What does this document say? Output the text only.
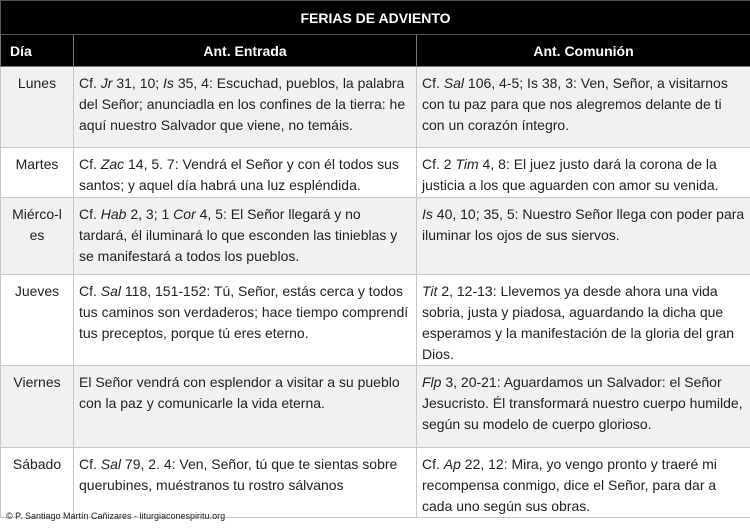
FERIAS DE ADVIENTO		
Día	Ant. Entrada	Ant. Comunión
Lunes	Cf. Jr 31, 10; Is 35, 4: Escuchad, pueblos, la palabra del Señor; anunciadla en los confines de la tierra: he aquí nuestro Salvador que viene, no temáis.	Cf. Sal 106, 4-5; Is 38, 3: Ven, Señor, a visitarnos con tu paz para que nos alegremos delante de ti con un corazón íntegro.
Martes	Cf. Zac 14, 5. 7: Vendrá el Señor y con él todos sus santos; y aquel día habrá una luz espléndida.	Cf. 2 Tim 4, 8: El juez justo dará la corona de la justicia a los que aguarden con amor su venida.
Miérco-les	Cf. Hab 2, 3; 1 Cor 4, 5: El Señor llegará y no tardará, él iluminará lo que esconden las tinieblas y se manifestará a todos los pueblos.	Is 40, 10; 35, 5: Nuestro Señor llega con poder para iluminar los ojos de sus siervos.
Jueves	Cf. Sal 118, 151-152: Tú, Señor, estás cerca y todos tus caminos son verdaderos; hace tiempo comprendí tus preceptos, porque tú eres eterno.	Tit 2, 12-13: Llevemos ya desde ahora una vida sobria, justa y piadosa, aguardando la dicha que esperamos y la manifestación de la gloria del gran Dios.
Viernes	El Señor vendrá con esplendor a visitar a su pueblo con la paz y comunicarle la vida eterna.	Flp 3, 20-21: Aguardamos un Salvador: el Señor Jesucristo. Él transformará nuestro cuerpo humilde, según su modelo de cuerpo glorioso.
Sábado	Cf. Sal 79, 2. 4: Ven, Señor, tú que te sientas sobre querubines, muéstranos tu rostro sálvanos	Cf. Ap 22, 12: Mira, yo vengo pronto y traeré mi recompensa conmigo, dice el Señor, para dar a cada uno según sus obras.
© P. Santiago Martín Cañizares - liturgiaconespiritu.org
